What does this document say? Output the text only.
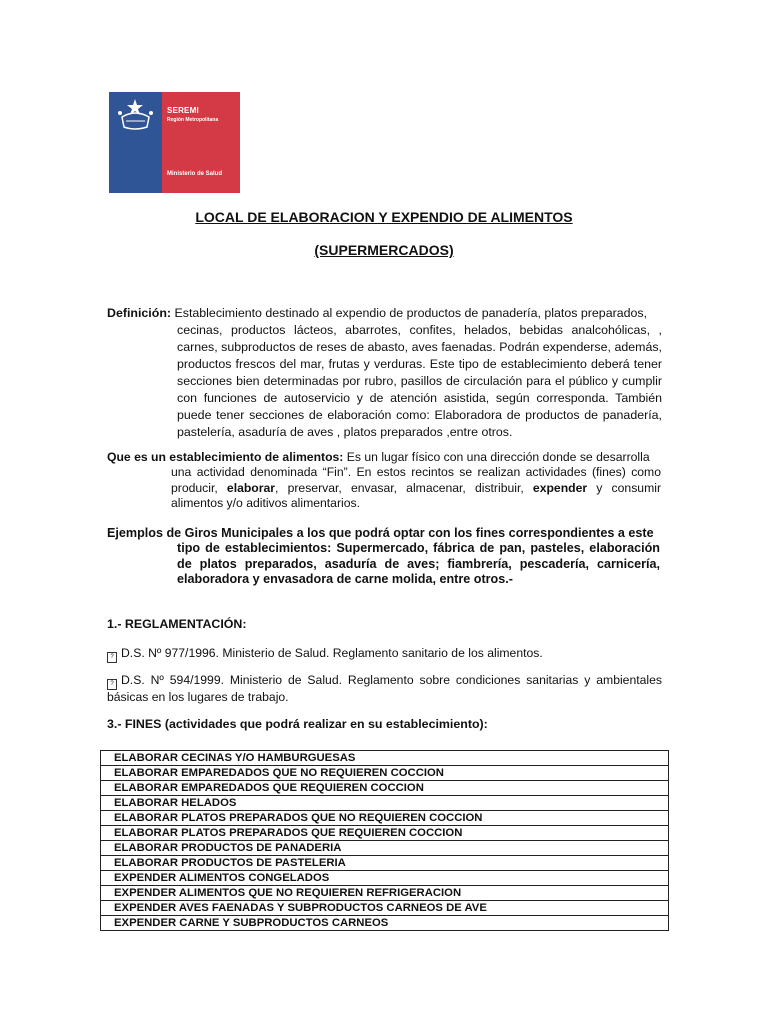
SEREMI
Región Metropolitana
Ministerio de Salud
LOCAL DE ELABORACION Y EXPENDIO DE ALIMENTOS
(SUPERMERCADOS)
Definición: Establecimiento destinado al expendio de productos de panadería, platos preparados,
cecinas, productos lácteos, abarrotes, confites, helados, bebidas analcohólicas, , carnes, subproductos de reses de abasto, aves faenadas. Podrán expenderse, además, productos frescos del mar, frutas y verduras. Este tipo de establecimiento deberá tener secciones bien determinadas por rubro, pasillos de circulación para el público y cumplir con funciones de autoservicio y de atención asistida, según corresponda. También puede tener secciones de elaboración como: Elaboradora de productos de panadería, pastelería, asaduría de aves , platos preparados ,entre otros.
Que es un establecimiento de alimentos: Es un lugar físico con una dirección donde se desarrolla
una actividad denominada “Fin”. En estos recintos se realizan actividades (fines) como producir, elaborar, preservar, envasar, almacenar, distribuir, expender y consumir alimentos y/o aditivos alimentarios.
Ejemplos de Giros Municipales a los que podrá optar con los fines correspondientes a este
tipo de establecimientos: Supermercado, fábrica de pan, pasteles, elaboración de platos preparados, asaduría de aves; fiambrería, pescadería, carnicería, elaboradora y envasadora de carne molida, entre otros.-
1.- REGLAMENTACIÓN:
? D.S. Nº 977/1996. Ministerio de Salud. Reglamento sanitario de los alimentos.
? D.S. Nº 594/1999. Ministerio de Salud. Reglamento sobre condiciones sanitarias y ambientales básicas en los lugares de trabajo.
3.- FINES (actividades que podrá realizar en su establecimiento):
ELABORAR CECINAS Y/O HAMBURGUESAS
ELABORAR EMPAREDADOS QUE NO REQUIEREN COCCION
ELABORAR EMPAREDADOS QUE REQUIEREN COCCION
ELABORAR HELADOS
ELABORAR PLATOS PREPARADOS QUE NO REQUIEREN COCCION
ELABORAR PLATOS PREPARADOS QUE REQUIEREN COCCION
ELABORAR PRODUCTOS DE PANADERIA
ELABORAR PRODUCTOS DE PASTELERIA
EXPENDER ALIMENTOS CONGELADOS
EXPENDER ALIMENTOS QUE NO REQUIEREN REFRIGERACION
EXPENDER AVES FAENADAS Y SUBPRODUCTOS CARNEOS DE AVE
EXPENDER CARNE Y SUBPRODUCTOS CARNEOS
